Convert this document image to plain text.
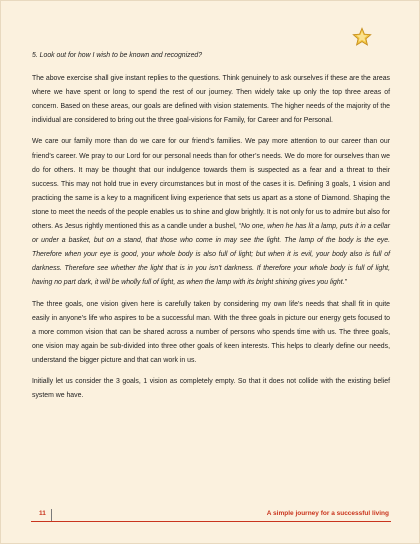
5. Look out for how I wish to be known and recognized?

The above exercise shall give instant replies to the questions. Think genuinely to ask ourselves if these are the areas where we have spent or long to spend the rest of our journey. Then widely take up only the top three areas of concern. Based on these areas, our goals are defined with vision statements. The higher needs of the majority of the individual are considered to bring out the three goal-visions for Family, for Career and for Personal.

We care our family more than do we care for our friend’s families. We pay more attention to our career than our friend’s career. We pray to our Lord for our personal needs than for other’s needs. We do more for ourselves than we do for others. It may be thought that our indulgence towards them is suspected as a fear and a threat to their success. This may not hold true in every circumstances but in most of the cases it is. Defining 3 goals, 1 vision and practicing the same is a key to a magnificent living experience that sets us apart as a stone of Diamond. Shaping the stone to meet the needs of the people enables us to shine and glow brightly. It is not only for us to admire but also for others. As Jesus rightly mentioned this as a candle under a bushel, “No one, when he has lit a lamp, puts it in a cellar or under a basket, but on a stand, that those who come in may see the light. The lamp of the body is the eye. Therefore when your eye is good, your whole body is also full of light; but when it is evil, your body also is full of darkness. Therefore see whether the light that is in you isn’t darkness. If therefore your whole body is full of light, having no part dark, it will be wholly full of light, as when the lamp with its bright shining gives you light.”

The three goals, one vision given here is carefully taken by considering my own life’s needs that shall fit in quite easily in anyone’s life who aspires to be a successful man. With the three goals in picture our energy gets focused to a more common vision that can be shared across a number of persons who spends time with us. The three goals, one vision may again be sub-divided into three other goals of keen interests. This helps to clearly define our needs, understand the bigger picture and that can work in us.

Initially let us consider the 3 goals, 1 vision as completely empty. So that it does not collide with the existing belief system we have.

11	A simple journey for a successful living
